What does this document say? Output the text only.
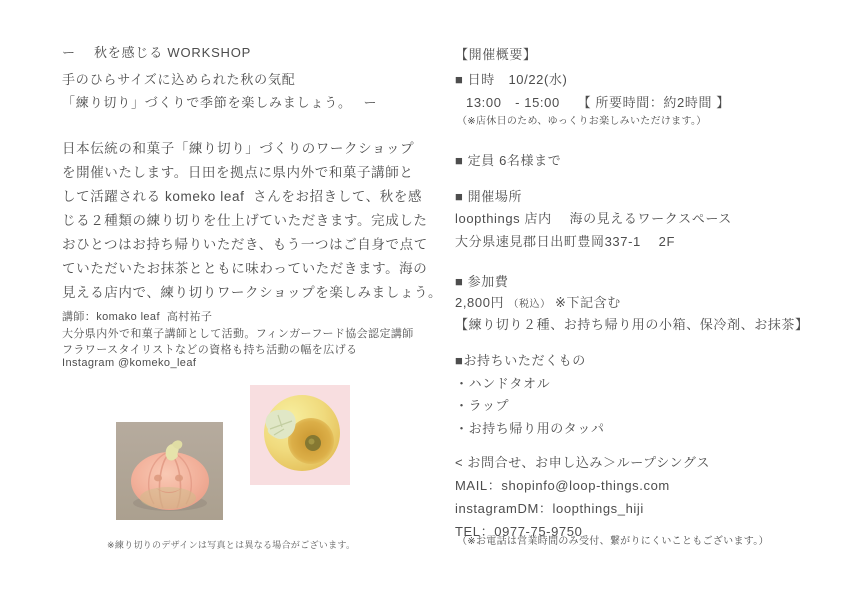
ー　 秋を感じる WORKSHOP
手のひらサイズに込められた秋の気配
「練り切り」づくりで季節を楽しみましょう。　 ー
日本伝統の和菓子「練り切り」づくりのワークショップ
を開催いたします。日田を拠点に県内外で和菓子講師と
して活躍される komeko leaf  さんをお招きして、秋を感
じる２種類の練り切りを仕上げていただきます。完成した
おひとつはお持ち帰りいただき、もう一つはご自身で点て
ていただいたお抹茶とともに味わっていただきます。海の
見える店内で、練り切りワークショップを楽しみましょう。
講師：komako leaf  高村祐子
大分県内外で和菓子講師として活動。フィンガーフード協会認定講師
フラワースタイリストなどの資格も持ち活動の幅を広げる
Instagram @komeko_leaf
※練り切りのデザインは写真とは異なる場合がございます。
【開催概要】
■ 日時　10/22(水)
13:00　- 15:00　 【 所要時間：約2時間 】
（※店休日のため、ゆっくりお楽しみいただけます。）
■ 定員 6名様まで
■ 開催場所
loopthings 店内　 海の見えるワークスペース
大分県速見郡日出町豊岡337-1　 2F
■ 参加費
2,800円 （税込） ※下記含む
【練り切り２種、お持ち帰り用の小箱、保冷剤、お抹茶】
■お持ちいただくもの
・ハンドタオル
・ラップ
・お持ち帰り用のタッパ
< お問合せ、お申し込み＞ループシングス
MAIL：shopinfo@loop-things.com
instagramDM：loopthings_hiji
TEL：0977-75-9750
（※お電話は営業時間のみ受付、繋がりにくいこともございます。）
